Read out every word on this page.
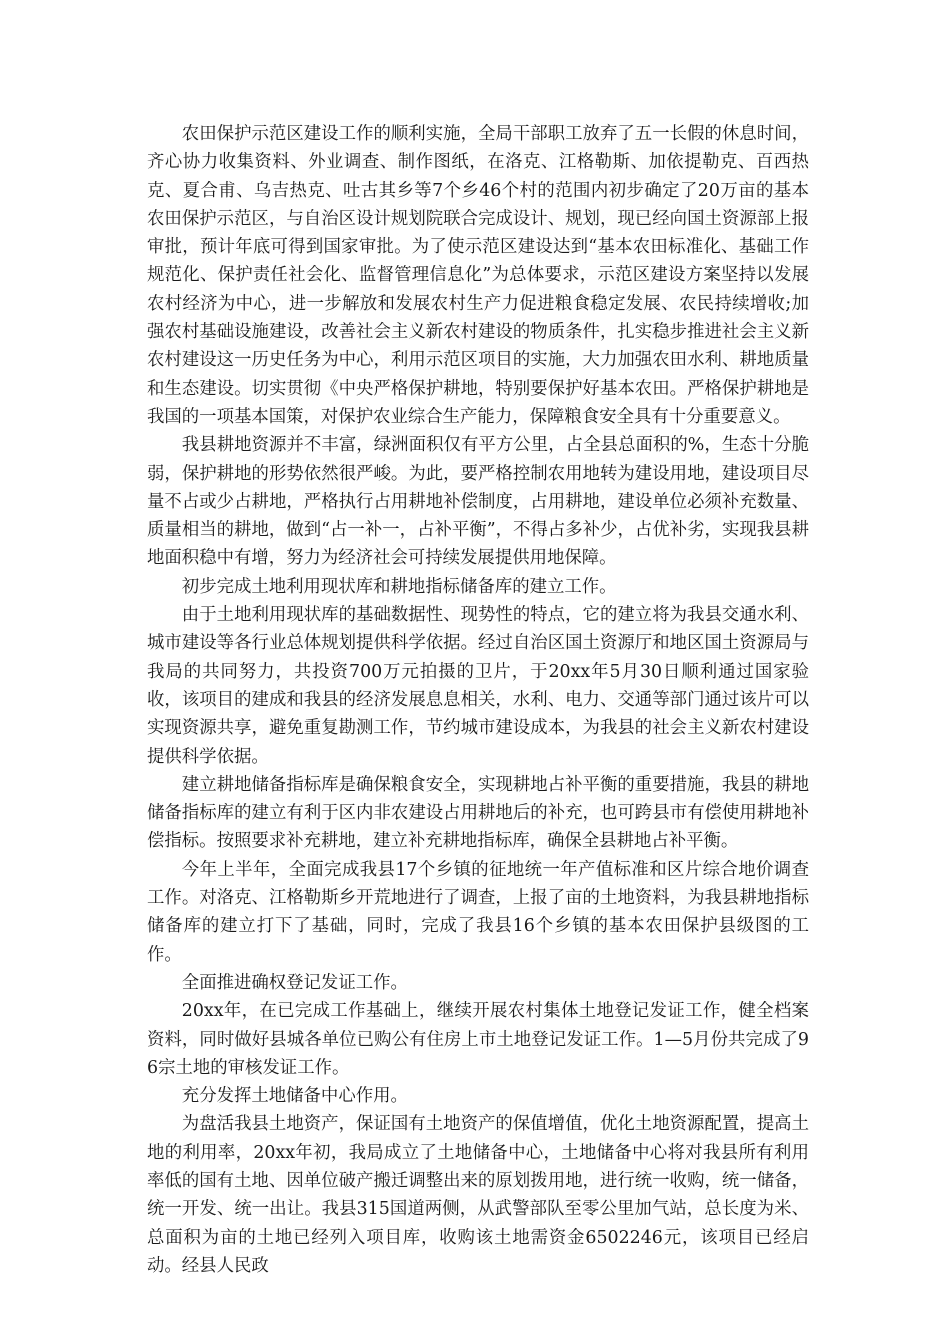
农田保护示范区建设工作的顺利实施，全局干部职工放弃了五一长假的休息时间，齐心协力收集资料、外业调查、制作图纸，在洛克、江格勒斯、加依提勒克、百西热克、夏合甫、乌吉热克、吐古其乡等7个乡46个村的范围内初步确定了20万亩的基本农田保护示范区，与自治区设计规划院联合完成设计、规划，现已经向国土资源部上报审批，预计年底可得到国家审批。为了使示范区建设达到“基本农田标准化、基础工作规范化、保护责任社会化、监督管理信息化”为总体要求，示范区建设方案坚持以发展农村经济为中心，进一步解放和发展农村生产力促进粮食稳定发展、农民持续增收;加强农村基础设施建设，改善社会主义新农村建设的物质条件，扎实稳步推进社会主义新农村建设这一历史任务为中心，利用示范区项目的实施，大力加强农田水利、耕地质量和生态建设。切实贯彻《中央严格保护耕地，特别要保护好基本农田。严格保护耕地是我国的一项基本国策，对保护农业综合生产能力，保障粮食安全具有十分重要意义。

我县耕地资源并不丰富，绿洲面积仅有平方公里，占全县总面积的%，生态十分脆弱，保护耕地的形势依然很严峻。为此，要严格控制农用地转为建设用地，建设项目尽量不占或少占耕地，严格执行占用耕地补偿制度，占用耕地，建设单位必须补充数量、质量相当的耕地，做到“占一补一，占补平衡”，不得占多补少，占优补劣，实现我县耕地面积稳中有增，努力为经济社会可持续发展提供用地保障。

初步完成土地利用现状库和耕地指标储备库的建立工作。

由于土地利用现状库的基础数据性、现势性的特点，它的建立将为我县交通水利、城市建设等各行业总体规划提供科学依据。经过自治区国土资源厅和地区国土资源局与我局的共同努力，共投资700万元拍摄的卫片，于20xx年5月30日顺利通过国家验收，该项目的建成和我县的经济发展息息相关，水利、电力、交通等部门通过该片可以实现资源共享，避免重复勘测工作，节约城市建设成本，为我县的社会主义新农村建设提供科学依据。

建立耕地储备指标库是确保粮食安全，实现耕地占补平衡的重要措施，我县的耕地储备指标库的建立有利于区内非农建设占用耕地后的补充，也可跨县市有偿使用耕地补偿指标。按照要求补充耕地，建立补充耕地指标库，确保全县耕地占补平衡。

今年上半年，全面完成我县17个乡镇的征地统一年产值标准和区片综合地价调查工作。对洛克、江格勒斯乡开荒地进行了调查，上报了亩的土地资料，为我县耕地指标储备库的建立打下了基础，同时，完成了我县16个乡镇的基本农田保护县级图的工作。

全面推进确权登记发证工作。

20xx年，在已完成工作基础上，继续开展农村集体土地登记发证工作，健全档案资料，同时做好县城各单位已购公有住房上市土地登记发证工作。1—5月份共完成了96宗土地的审核发证工作。

充分发挥土地储备中心作用。

为盘活我县土地资产，保证国有土地资产的保值增值，优化土地资源配置，提高土地的利用率，20xx年初，我局成立了土地储备中心，土地储备中心将对我县所有利用率低的国有土地、因单位破产搬迁调整出来的原划拨用地，进行统一收购，统一储备，统一开发、统一出让。我县315国道两侧，从武警部队至零公里加气站，总长度为米、总面积为亩的土地已经列入项目库，收购该土地需资金6502246元，该项目已经启动。经县人民政
